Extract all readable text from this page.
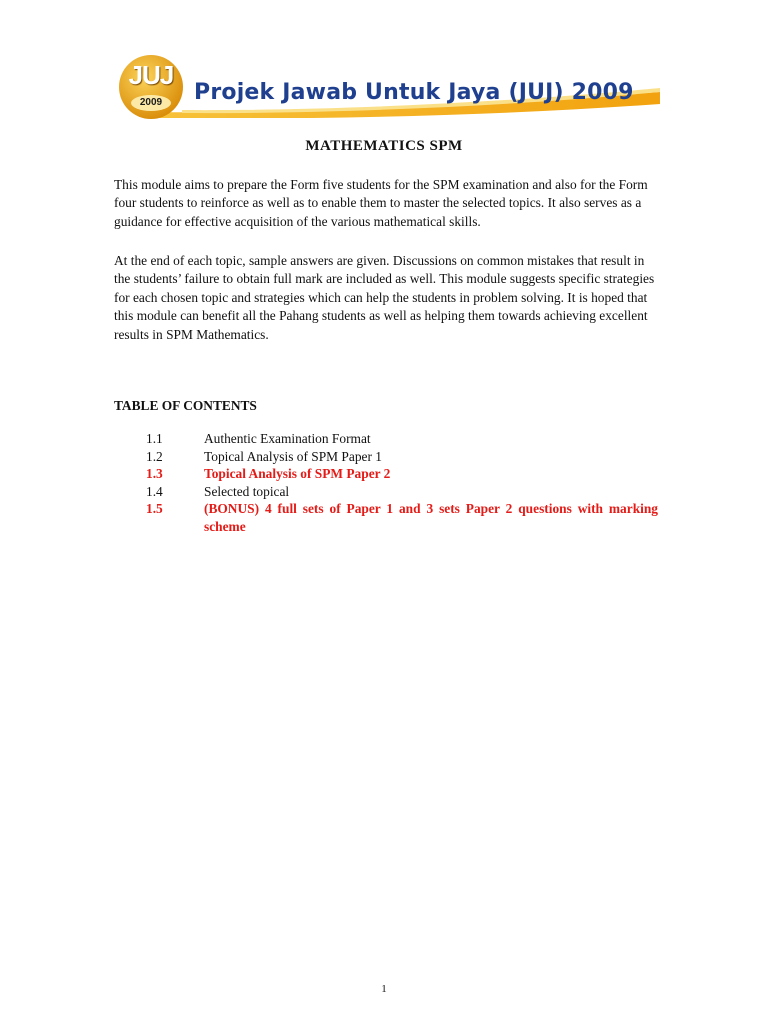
JUJ
2009	Projek Jawab Untuk Jaya (JUJ) 2009
MATHEMATICS SPM

This module aims to prepare the Form five students for the SPM examination and also for the Form four students to reinforce as well as to enable them to master the selected topics. It also serves as a guidance for effective acquisition of the various mathematical skills.

At the end of each topic, sample answers are given. Discussions on common mistakes that result in the students’ failure to obtain full mark are included as well. This module suggests specific strategies for each chosen topic and strategies which can help the students in problem solving. It is hoped that this module can benefit all the Pahang students as well as helping them towards achieving excellent results in SPM Mathematics.

TABLE OF CONTENTS
1.1	Authentic Examination Format
1.2	Topical Analysis of SPM Paper 1
1.3	Topical Analysis of SPM Paper 2
1.4	Selected topical
1.5	(BONUS) 4 full sets of Paper 1 and 3 sets Paper 2 questions with marking scheme
1
